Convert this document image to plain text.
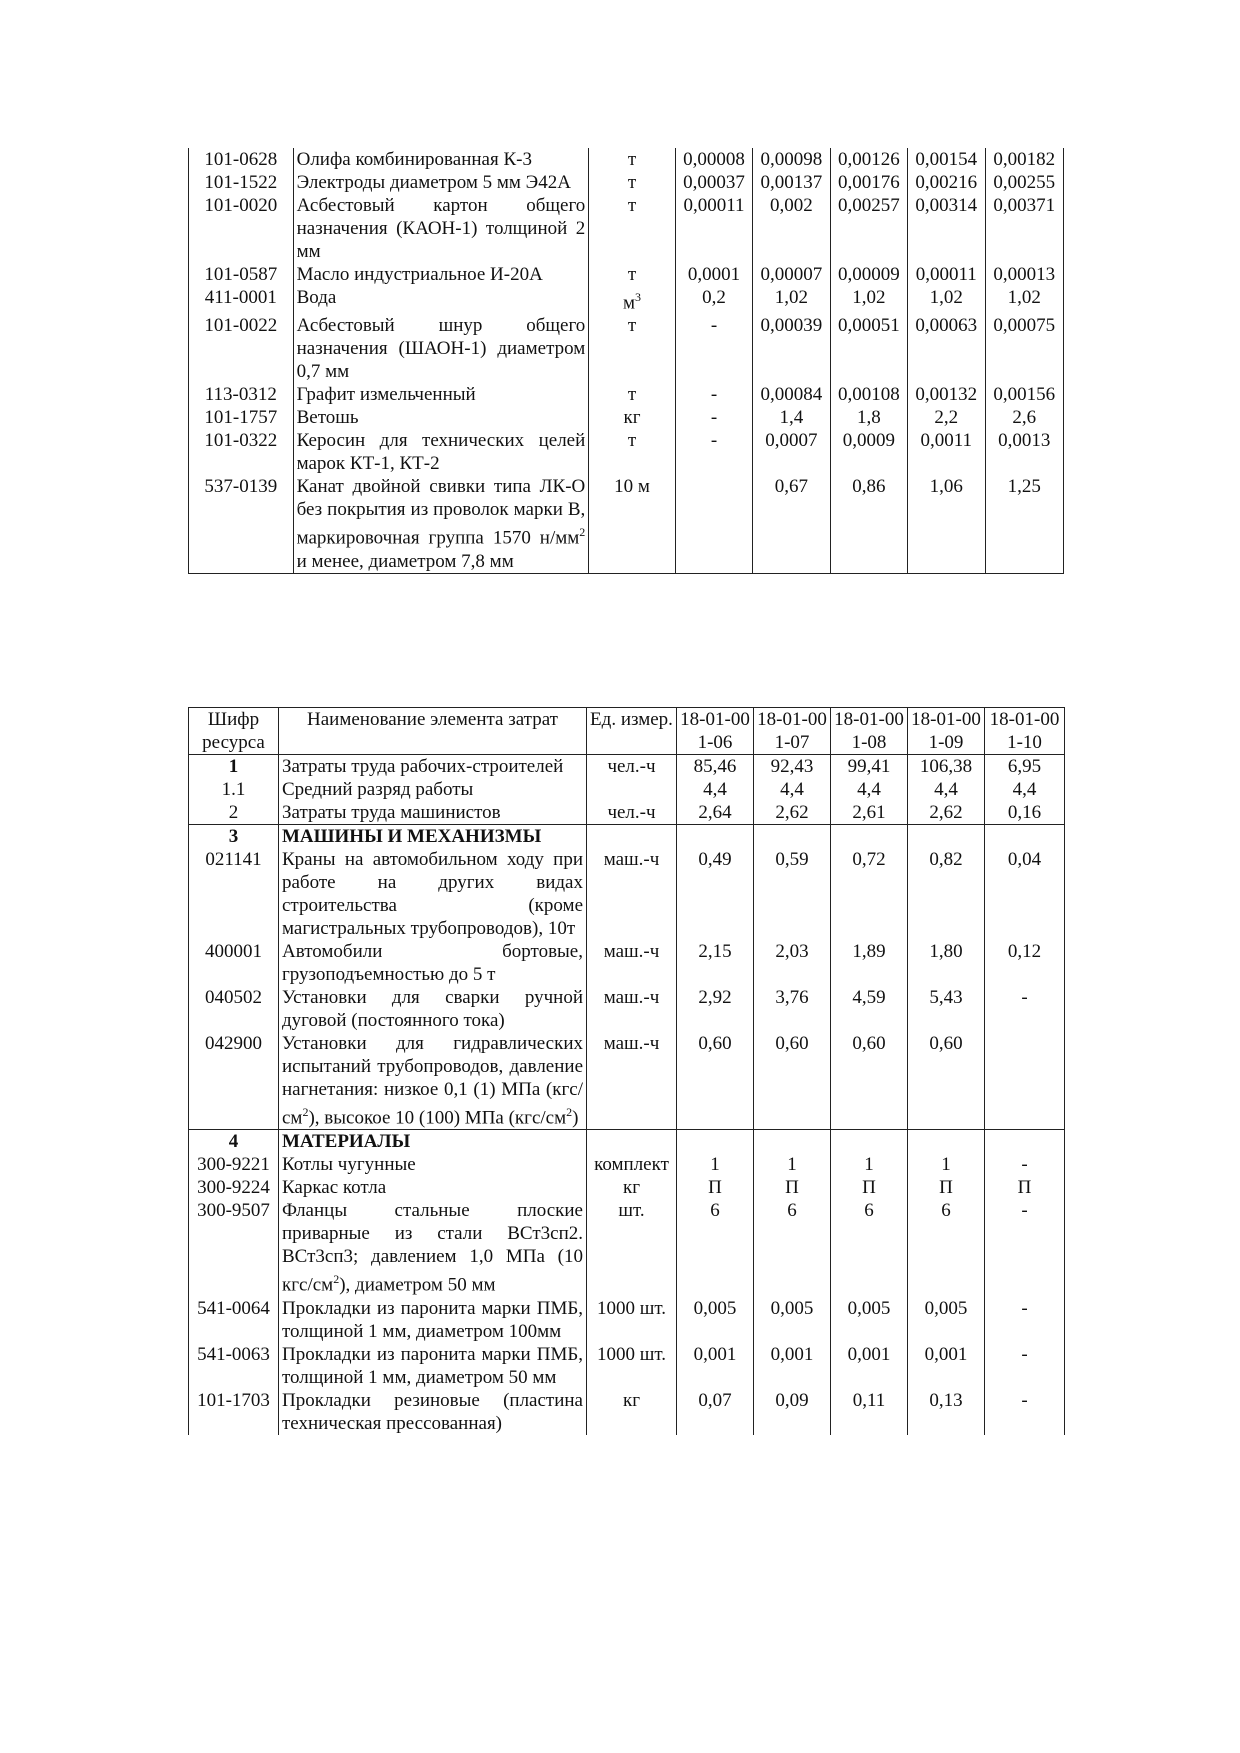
101-0628	Олифа комбинированная К-3	т	0,00008	0,00098	0,00126	0,00154	0,00182
101-1522	Электроды диаметром 5 мм Э42А	т	0,00037	0,00137	0,00176	0,00216	0,00255
101-0020	Асбестовый картон общего назначения (КАОН-1) толщиной 2 мм	т	0,00011	0,002	0,00257	0,00314	0,00371
101-0587	Масло индустриальное И-20А	т	0,0001	0,00007	0,00009	0,00011	0,00013
411-0001	Вода	$м^3$	0,2	1,02	1,02	1,02	1,02
101-0022	Асбестовый шнур общего назначения (ШАОН-1) диаметром 0,7 мм	т	-	0,00039	0,00051	0,00063	0,00075
113-0312	Графит измельченный	т	-	0,00084	0,00108	0,00132	0,00156
101-1757	Ветошь	кг	-	1,4	1,8	2,2	2,6
101-0322	Керосин для технических целей марок КТ-1, КТ-2	т	-	0,0007	0,0009	0,0011	0,0013
537-0139	Канат двойной свивки типа ЛК-О без покрытия из проволок марки В, маркировочная группа 1570 $н/мм^2$ и менее, диаметром 7,8 мм	10 м		0,67	0,86	1,06	1,25
Шифр ресурса	Наименование элемента затрат	Ед. измер.	18-01-001-06	18-01-001-07	18-01-001-08	18-01-001-09	18-01-001-10
1	Затраты труда рабочих-строителей	чел.-ч	85,46	92,43	99,41	106,38	6,95
1.1	Средний разряд работы		4,4	4,4	4,4	4,4	4,4
2	Затраты труда машинистов	чел.-ч	2,64	2,62	2,61	2,62	0,16
3	МАШИНЫ И МЕХАНИЗМЫ						
021141	Краны на автомобильном ходу при работе на других видах строительства (кроме магистральных трубопроводов), 10т	маш.-ч	0,49	0,59	0,72	0,82	0,04
400001	Автомобили бортовые, грузоподъемностью до 5 т	маш.-ч	2,15	2,03	1,89	1,80	0,12
040502	Установки для сварки ручной дуговой (постоянного тока)	маш.-ч	2,92	3,76	4,59	5,43	-
042900	Установки для гидравлических испытаний трубопроводов, давление нагнетания: низкое 0,1 (1) МПа $(кгс/см^2)$, высокое 10 (100) МПа $(кгс/см^2)$	маш.-ч	0,60	0,60	0,60	0,60	
4	МАТЕРИАЛЫ						
300-9221	Котлы чугунные	комплект	1	1	1	1	-
300-9224	Каркас котла	кг	П	П	П	П	П
300-9507	Фланцы стальные плоские приварные из стали ВСт3сп2. ВСт3сп3; давлением 1,0 МПа (10 кгс/$см^2$), диаметром 50 мм	шт.	6	6	6	6	-
541-0064	Прокладки из паронита марки ПМБ, толщиной 1 мм, диаметром 100мм	1000 шт.	0,005	0,005	0,005	0,005	-
541-0063	Прокладки из паронита марки ПМБ, толщиной 1 мм, диаметром 50 мм	1000 шт.	0,001	0,001	0,001	0,001	-
101-1703	Прокладки резиновые (пластина техническая прессованная)	кг	0,07	0,09	0,11	0,13	-
